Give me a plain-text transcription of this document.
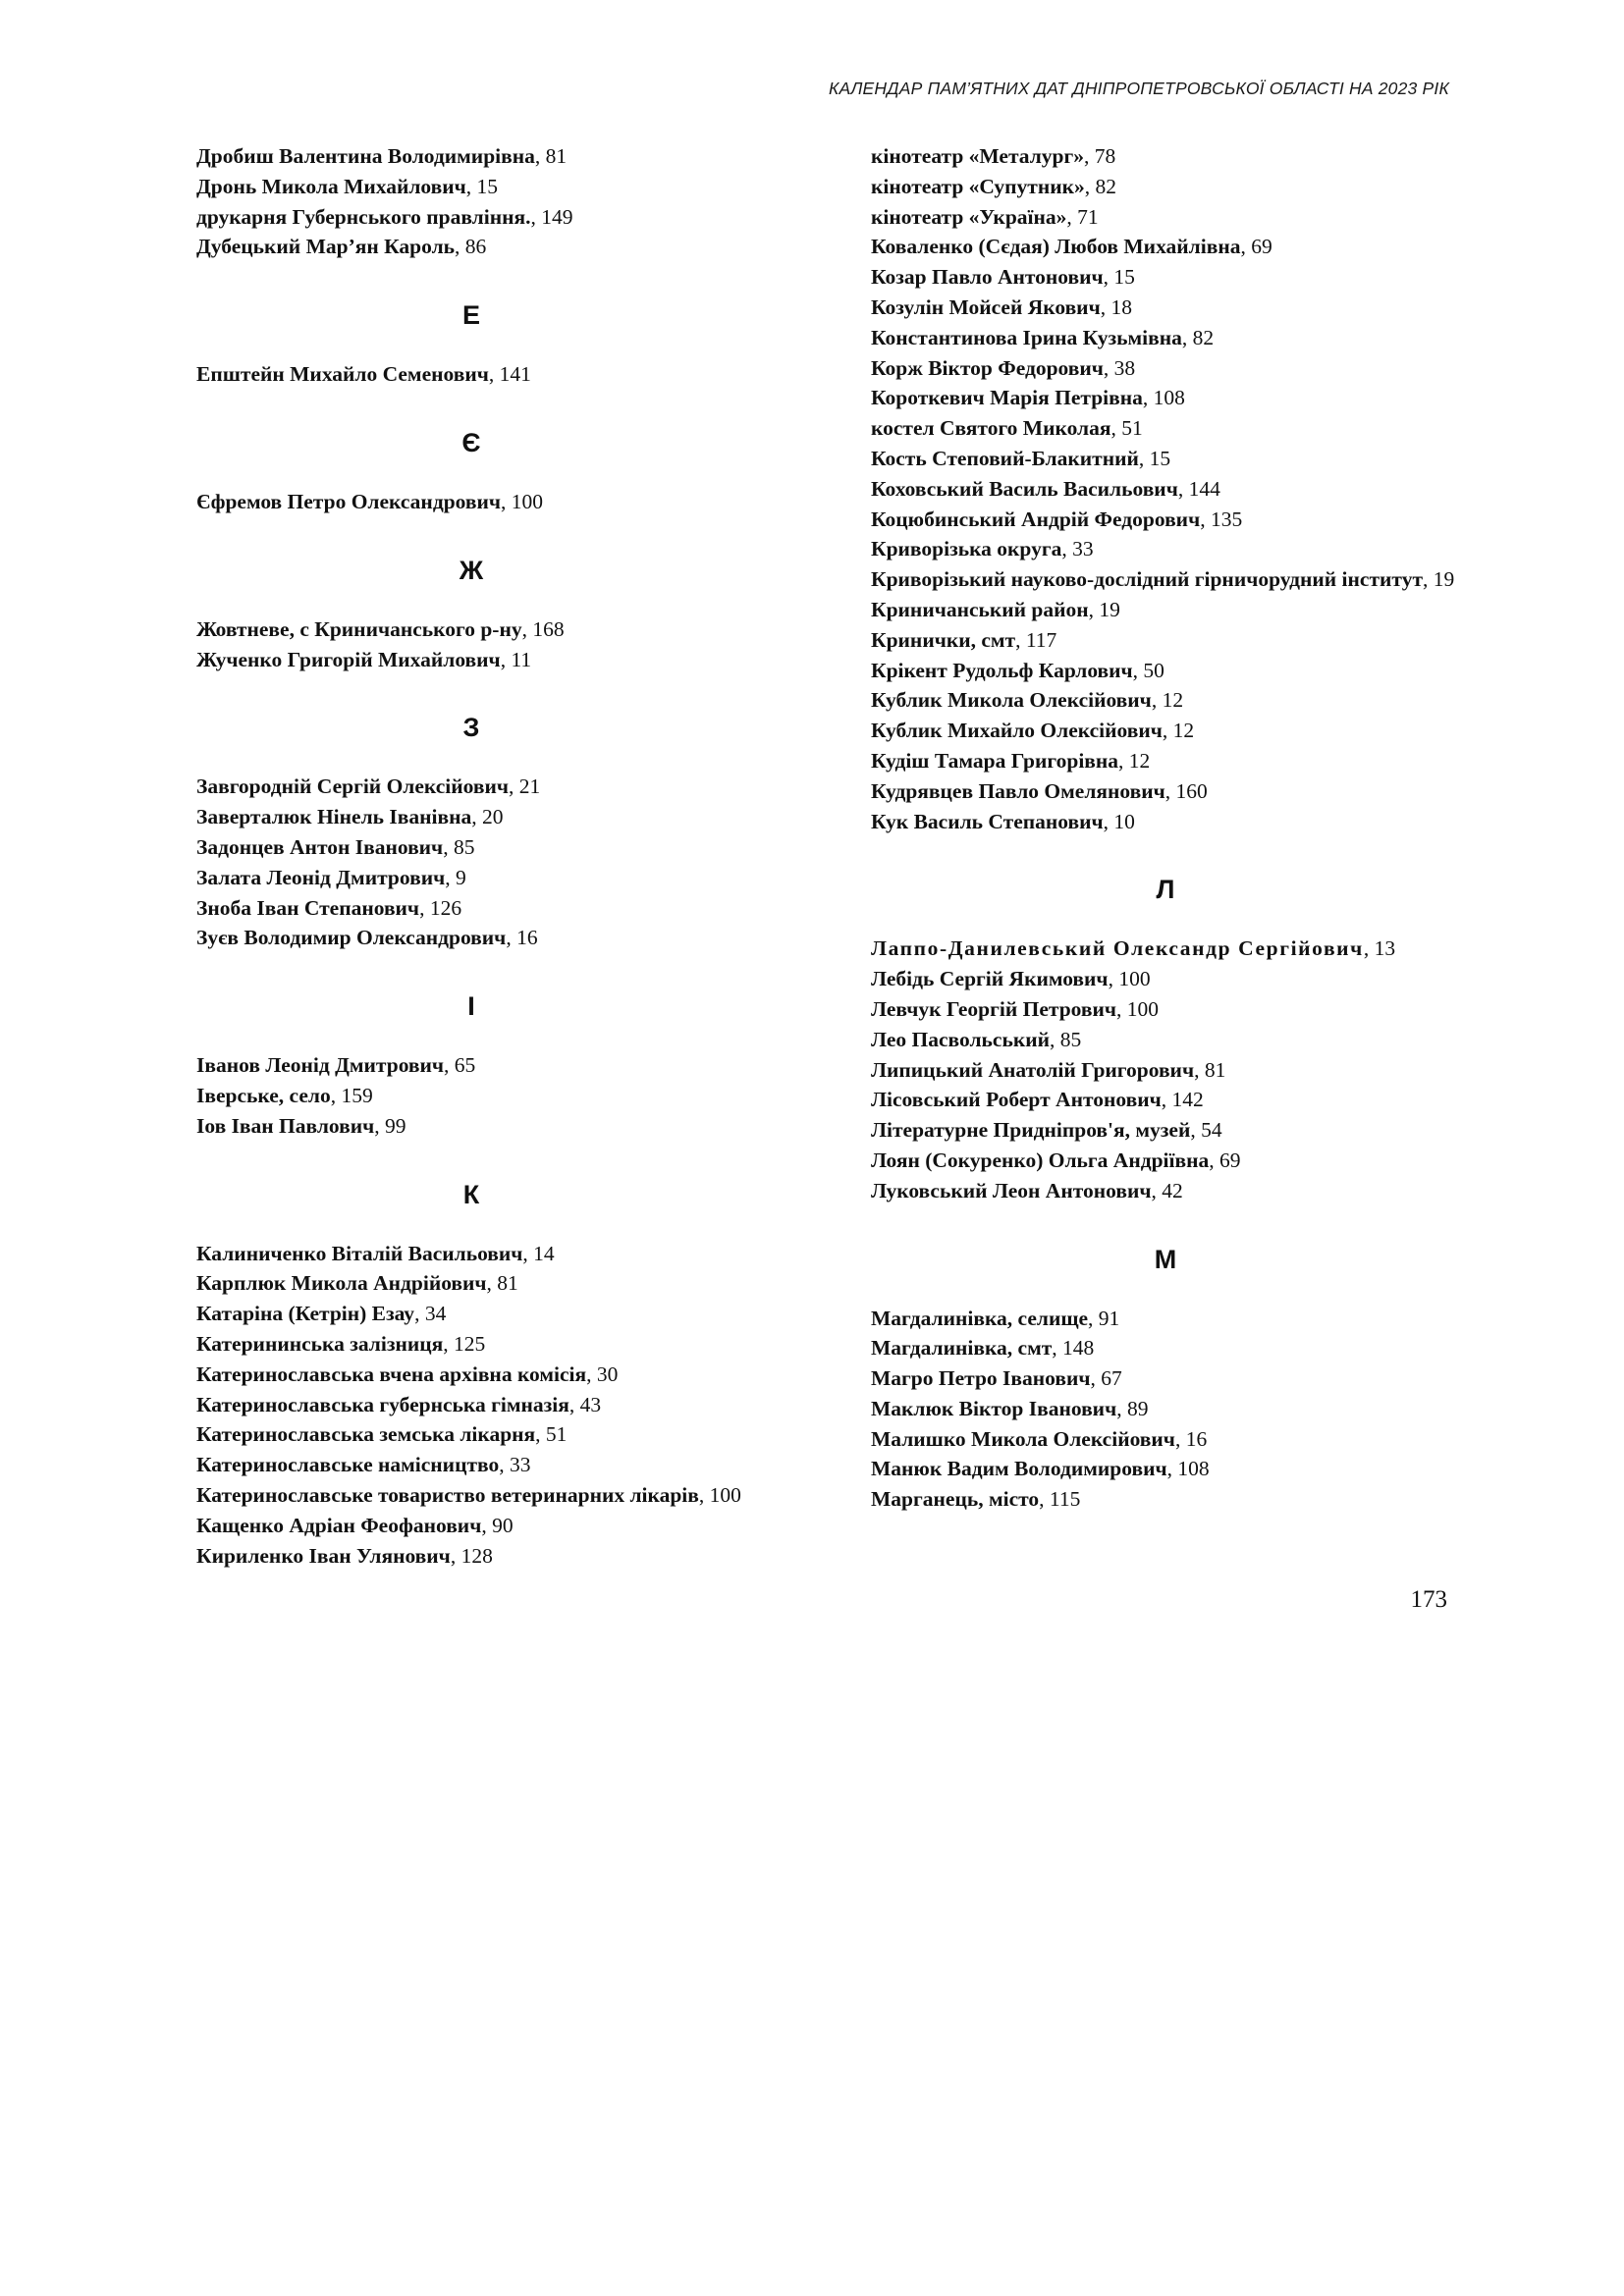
КАЛЕНДАР ПАМ’ЯТНИХ ДАТ ДНІПРОПЕТРОВСЬКОЇ ОБЛАСТІ НА 2023 РІК
Дробиш Валентина Володимирівна, 81
Дронь Микола Михайлович, 15
друкарня Губернського правління., 149
Дубецький Мар’ян Кароль, 86
Е
Епштейн Михайло Семенович, 141
Є
Єфремов Петро Олександрович, 100
Ж
Жовтневе, с Криничанського р-ну, 168
Жученко Григорій Михайлович, 11
З
Завгородній Сергій Олексійович, 21
Заверталюк Нінель Іванівна, 20
Задонцев Антон Іванович, 85
Залата Леонід Дмитрович, 9
Зноба Іван Степанович, 126
Зуєв Володимир Олександрович, 16
І
Іванов Леонід Дмитрович, 65
Іверське, село, 159
Іов Іван Павлович, 99
К
Калиниченко Віталій Васильович, 14
Карплюк Микола Андрійович, 81
Катаріна (Кетрін) Езау, 34
Катерининська залізниця, 125
Катеринославська вчена архівна комісія, 30
Катеринославська губернська гімназія, 43
Катеринославська земська лікарня, 51
Катеринославське намісництво, 33
Катеринославське товариство ветеринарних лікарів, 100
Кащенко Адріан Феофанович, 90
Кириленко Іван Улянович, 128
кінотеатр «Металург», 78
кінотеатр «Супутник», 82
кінотеатр «Україна», 71
Коваленко (Сєдая) Любов Михайлівна, 69
Козар Павло Антонович, 15
Козулін Мойсей Якович, 18
Константинова Ірина Кузьмівна, 82
Корж Віктор Федорович, 38
Короткевич Марія Петрівна, 108
костел Святого Миколая, 51
Кость Степовий-Блакитний, 15
Коховський Василь Васильович, 144
Коцюбинський Андрій Федорович, 135
Криворізька округа, 33
Криворізький науково-дослідний гірничорудний інститут, 19
Криничанський район, 19
Кринички, смт, 117
Крікент Рудольф Карлович, 50
Кублик Микола Олексійович, 12
Кублик Михайло Олексійович, 12
Кудіш Тамара Григорівна, 12
Кудрявцев Павло Омелянович, 160
Кук Василь Степанович, 10
Л
Лаппо-Данилевський Олександр Сергійович, 13
Лебідь Сергій Якимович, 100
Левчук Георгій Петрович, 100
Лео Пасвольський, 85
Липицький Анатолій Григорович, 81
Лісовський Роберт Антонович, 142
Літературне Придніпров'я, музей, 54
Лоян (Сокуренко) Ольга Андріївна, 69
Луковський Леон Антонович, 42
М
Магдалинівка, селище, 91
Магдалинівка, смт, 148
Магро Петро Іванович, 67
Маклюк Віктор Іванович, 89
Малишко Микола Олексійович, 16
Манюк Вадим Володимирович, 108
Марганець, місто, 115
173
